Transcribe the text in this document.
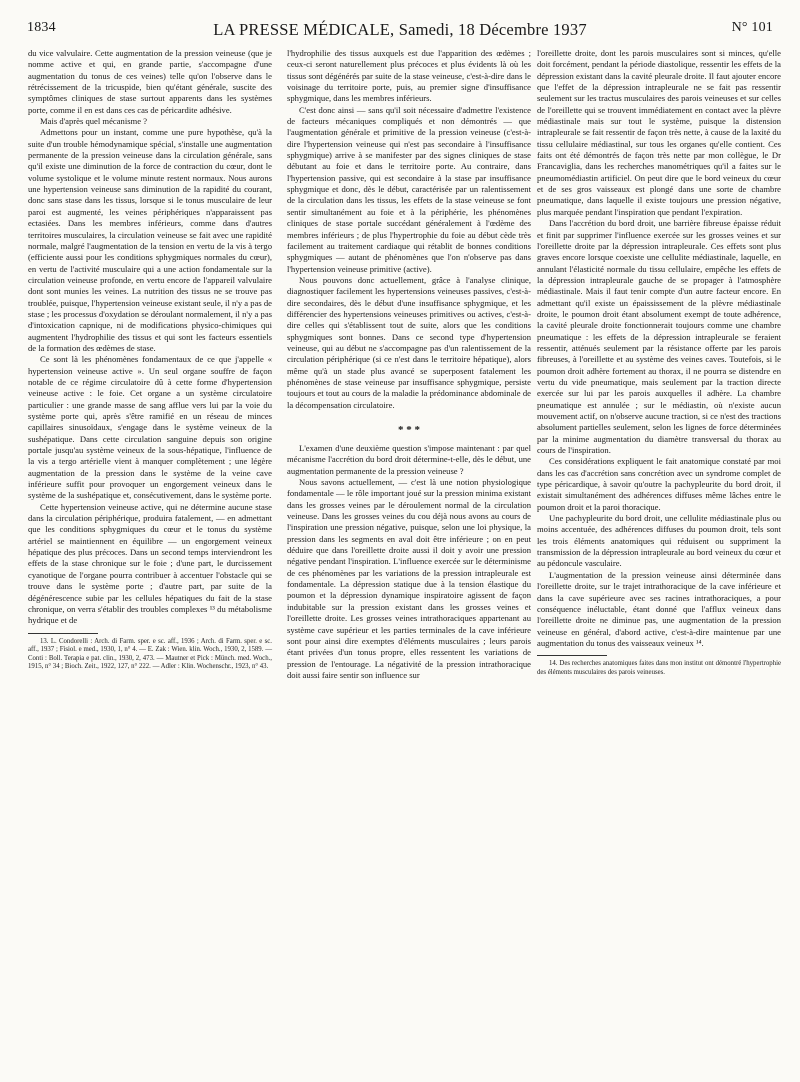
1834	LA PRESSE MÉDICALE, Samedi, 18 Décembre 1937	N° 101

du vice valvulaire. Cette augmentation de la pression veineuse (que je nomme active et qui, en grande partie, s'accompagne d'une augmentation du tonus de ces veines) telle qu'on l'observe dans le rétrécissement de la tricuspide, bien qu'étant générale, suscite des symptômes cliniques de stase surtout apparents dans les systèmes porte, comme il en est dans ces cas de péricardite adhésive.

Mais d'après quel mécanisme ?

Admettons pour un instant, comme une pure hypothèse, qu'à la suite d'un trouble hémodynamique spécial, s'installe une augmentation permanente de la pression veineuse dans la circulation générale, sans qu'il existe une diminution de la force de contraction du cœur, dont le volume systolique et le volume minute restent normaux. Nous aurons une hypertension veineuse sans diminution de la rapidité du courant, donc sans stase dans les tissus, lorsque si le tonus musculaire de leur paroi est augmenté, les veines périphériques n'apparaissent pas ectasiées. Dans les membres inférieurs, comme dans d'autres territoires musculaires, la circulation veineuse se fait avec une rapidité normale, malgré l'augmentation de la tension en vertu de la vis à tergo (efficiente aussi pour les conditions sphygmiques normales du cœur), en vertu de l'activité musculaire qui a une action fondamentale sur la circulation veineuse profonde, en vertu encore de l'appareil valvulaire dont sont munies les veines. La nutrition des tissus ne se trouve pas troublée, puisque, l'hypertension veineuse existant seule, il n'y a pas de stase ; les processus d'oxydation se déroulant normalement, il n'y a pas d'intoxication capnique, ni de modifications physico-chimiques qui augmentent l'hydrophilie des tissus et qui sont les facteurs essentiels de la formation des œdèmes de stase.

Ce sont là les phénomènes fondamentaux de ce que j'appelle « hypertension veineuse active ». Un seul organe souffre de façon notable de ce régime circulatoire dû à cette forme d'hypertension veineuse active : le foie. Cet organe a un système circulatoire particulier : une grande masse de sang afflue vers lui par la voie du système porte qui, après s'être ramifié en un réseau de minces capillaires sinusoïdaux, s'engage dans le système veineux de la sushépatique. Dans cette circulation sanguine depuis son origine portale jusqu'au système veineux de la sous-hépatique, l'influence de la vis a tergo artérielle vient à manquer complètement ; une légère augmentation de la pression dans le système de la veine cave inférieure suffit pour provoquer un engorgement veineux dans le système de la sushépatique et, consécutivement, dans le système porte.

Cette hypertension veineuse active, qui ne détermine aucune stase dans la circulation périphérique, produira fatalement, — en admettant que les conditions sphygmiques du cœur et le tonus du système artériel se maintiennent en équilibre — un engorgement veineux hépatique des plus précoces. Dans un second temps interviendront les effets de la stase chronique sur le foie ; d'une part, le durcissement cyanotique de l'organe pourra contribuer à accentuer l'obstacle qui se trouve dans le système porte ; d'autre part, par suite de la dégénérescence subie par les cellules hépatiques du fait de la stase chronique, on verra s'établir des troubles complexes ¹³ du métabolisme hydrique et de

13. L. Condorelli : Arch. di Farm. sper. e sc. aff., 1936 ; Arch. di Farm. sper. e sc. aff., 1937 ; Fisiol. e med., 1930, 1, n° 4. — E. Zak : Wien. klin. Woch., 1930, 2, 1589. — Conti : Boll. Terapia e pat. clin., 1930, 2, 473. — Mautner et Pick : Münch. med. Woch., 1915, n° 34 ; Bioch. Zeit., 1922, 127, n° 222. — Adler : Klin. Wochenschr., 1923, n° 43.

l'hydrophilie des tissus auxquels est due l'apparition des œdèmes ; ceux-ci seront naturellement plus précoces et plus évidents là où les tissus sont dégénérés par suite de la stase veineuse, c'est-à-dire dans le voisinage du territoire porte, puis, au premier signe d'insuffisance sphygmique, dans les membres inférieurs.

C'est donc ainsi — sans qu'il soit nécessaire d'admettre l'existence de facteurs mécaniques compliqués et non démontrés — que l'augmentation générale et primitive de la pression veineuse (c'est-à-dire l'hypertension veineuse qui n'est pas secondaire à l'insuffisance sphygmique) arrive à se manifester par des signes cliniques de stase débutant au foie et dans le territoire porte. Au contraire, dans l'hypertension passive, qui est secondaire à la stase par insuffisance sphygmique et donc, dès le début, caractérisée par un ralentissement de la circulation dans les tissus, les effets de la stase veineuse se font sentir simultanément au foie et à la périphérie, les phénomènes cliniques de stase portale succédant généralement à l'œdème des membres inférieurs ; de plus l'hypertrophie du foie au début cède très facilement au traitement cardiaque qui rétablit de bonnes conditions sphygmiques — autant de phénomènes que l'on n'observe pas dans l'hypertension veineuse primitive (active).

Nous pouvons donc actuellement, grâce à l'analyse clinique, diagnostiquer facilement les hypertensions veineuses passives, c'est-à-dire secondaires, dès le début d'une insuffisance sphygmique, et les différencier des hypertensions veineuses primitives ou actives, c'est-à-dire celles qui s'établissent tout de suite, alors que les conditions sphygmiques sont bonnes. Dans ce second type d'hypertension veineuse, qui au début ne s'accompagne pas d'un ralentissement de la circulation périphérique (si ce n'est dans le territoire hépatique), alors même qu'à un stade plus avancé se superposent fatalement les phénomènes de stase veineuse par insuffisance sphygmique, persiste toujours et tout au cours de la maladie la prédominance abdominale de la décompensation circulatoire.

* * *

L'examen d'une deuxième question s'impose maintenant : par quel mécanisme l'accrétion du bord droit détermine-t-elle, dès le début, une augmentation permanente de la pression veineuse ?

Nous savons actuellement, — c'est là une notion physiologique fondamentale — le rôle important joué sur la pression minima existant dans les grosses veines par le déroulement normal de la circulation veineuse. Dans les grosses veines du cou déjà nous avons au cours de l'inspiration une pression négative, puisque, selon une loi physique, la pression dans les segments en aval doit être inférieure ; on en peut déduire que dans l'oreillette droite aussi il doit y avoir une pression négative pendant l'inspiration. L'influence exercée sur le déterminisme de ces phénomènes par les variations de la pression intrapleurale est fondamentale. La dépression statique due à la tension élastique du poumon et la dépression dynamique inspiratoire agissent de façon indubitable sur la pression existant dans les grosses veines et l'oreillette droite. Les grosses veines intrathoraciques appartenant au système cave supérieur et les parties terminales de la cave inférieure sont pour ainsi dire exemptes d'éléments musculaires ; leurs parois étant privées d'un tonus propre, elles ressentent les variations de pression de l'entourage. La négativité de la pression intrathoracique doit aussi faire sentir son influence sur

l'oreillette droite, dont les parois musculaires sont si minces, qu'elle doit forcément, pendant la période diastolique, ressentir les effets de la dépression existant dans la cavité pleurale droite. Il faut ajouter encore que l'effet de la dépression intrapleurale ne se fait pas ressentir seulement sur les tractus musculaires des parois veineuses et sur celles de l'oreillette qui se trouvent immédiatement en contact avec la plèvre médiastinale mais sur tout le système, puisque la distension intrapleurale se fait ressentir de façon très nette, à cause de la laxité du tissu cellulaire médiastinal, sur tous les organes qu'elle contient. Ces faits ont été démontrés de façon très nette par mon collègue, le Dr Francaviglia, dans les recherches manométriques qu'il a faites sur le pneumomédiastin artificiel. On peut dire que le bord veineux du cœur et de ses gros vaisseaux est plongé dans une sorte de chambre pneumatique, dans laquelle il existe toujours une pression négative, plus marquée pendant l'inspiration que pendant l'expiration.

Dans l'accrétion du bord droit, une barrière fibreuse épaisse réduit et finit par supprimer l'influence exercée sur les grosses veines et sur l'oreillette droite par la dépression intrapleurale. Ces effets sont plus graves encore lorsque coexiste une cellulite médiastinale, laquelle, en annulant l'élasticité normale du tissu cellulaire, empêche les effets de la dépression intrapleurale gauche de se propager à l'atmosphère médiastinale. Mais il faut tenir compte d'un autre facteur encore. En admettant qu'il existe un épaississement de la plèvre médiastinale droite, le poumon droit étant absolument exempt de toute adhérence, la cavité pleurale droite fonctionnerait toujours comme une chambre pneumatique : les effets de la dépression intrapleurale se feraient ressentir, atténués seulement par la résistance offerte par les parois fibreuses, à l'oreillette et au système des veines caves. Toutefois, si le poumon droit adhère fortement au thorax, il ne pourra se distendre en vertu du vide pneumatique, mais seulement par la traction directe exercée sur lui par les parois auxquelles il adhère. La chambre pneumatique est annulée ; sur le médiastin, où n'existe aucun mouvement actif, on n'observe aucune traction, si ce n'est des tractions absolument partielles seulement, selon les lignes de force déterminées par la minime augmentation du diamètre transversal du thorax au cours de l'inspiration.

Ces considérations expliquent le fait anatomique constaté par moi dans les cas d'accrétion sans concrétion avec un syndrome complet de type péricardique, à savoir qu'outre la pachypleurite du bord droit, il existait simultanément des adhérences diffuses même lâches entre le poumon droit et la paroi thoracique.

Une pachypleurite du bord droit, une cellulite médiastinale plus ou moins accentuée, des adhérences diffuses du poumon droit, tels sont les trois éléments anatomiques qui réduisent ou suppriment la transmission de la dépression intrapleurale au bord veineux du cœur et au pédoncule vasculaire.

L'augmentation de la pression veineuse ainsi déterminée dans l'oreillette droite, sur le trajet intrathoracique de la cave inférieure et dans la cave supérieure avec ses racines intrathoraciques, a pour conséquence inéluctable, étant donné que l'afflux veineux dans l'oreillette droite ne diminue pas, une augmentation de la pression veineuse en général, d'abord active, c'est-à-dire maintenue par une augmentation du tonus des vaisseaux veineux ¹⁴.

14. Des recherches anatomiques faites dans mon institut ont démontré l'hypertrophie des éléments musculaires des parois veineuses.
